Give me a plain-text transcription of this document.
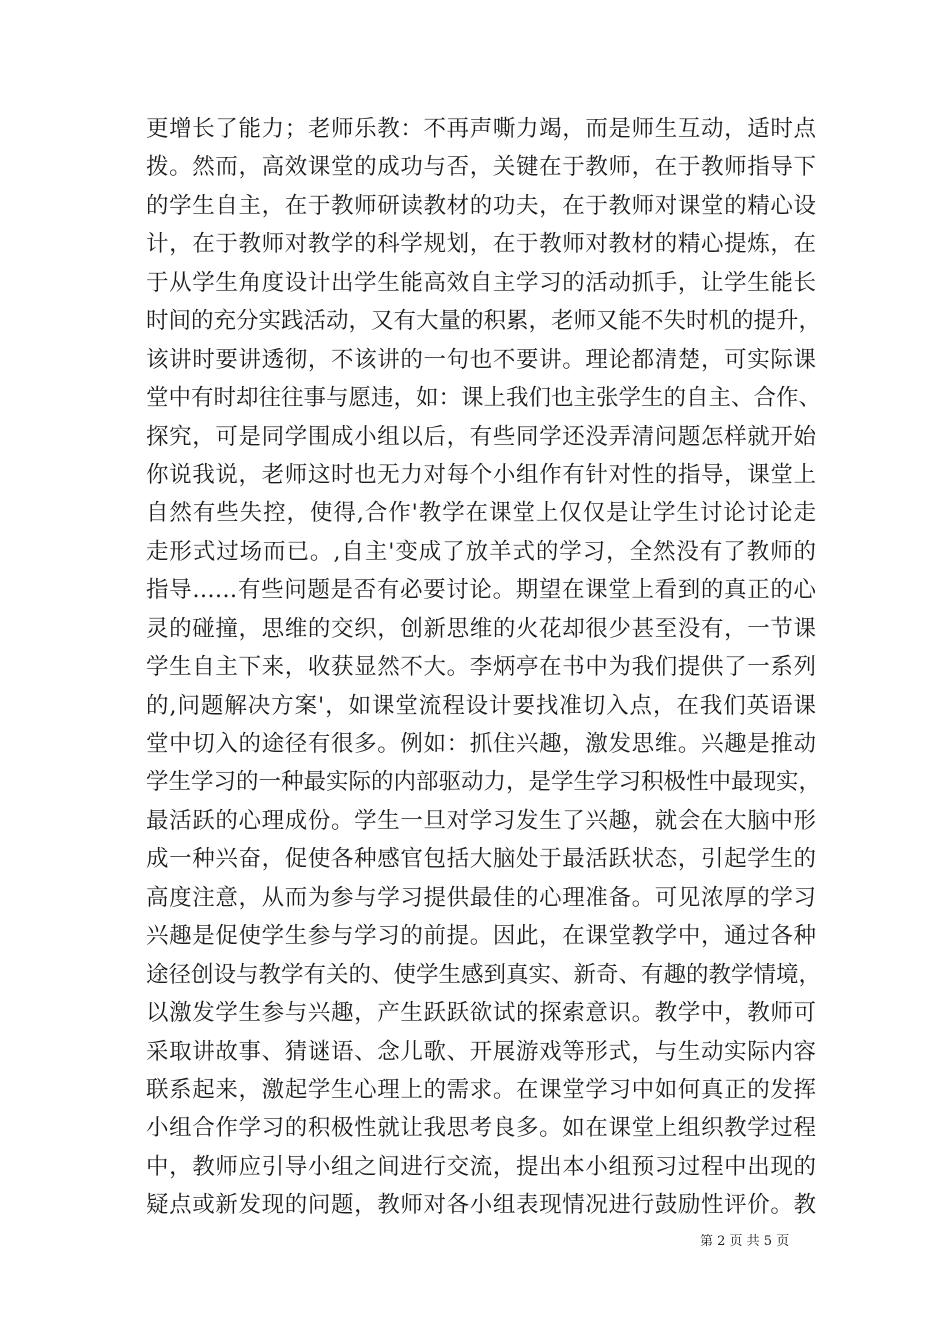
更增长了能力；老师乐教：不再声嘶力竭，而是师生互动，适时点
拨。然而，高效课堂的成功与否，关键在于教师，在于教师指导下
的学生自主，在于教师研读教材的功夫，在于教师对课堂的精心设
计，在于教师对教学的科学规划，在于教师对教材的精心提炼，在
于从学生角度设计出学生能高效自主学习的活动抓手，让学生能长
时间的充分实践活动，又有大量的积累，老师又能不失时机的提升，
该讲时要讲透彻，不该讲的一句也不要讲。理论都清楚，可实际课
堂中有时却往往事与愿违，如：课上我们也主张学生的自主、合作、
探究，可是同学围成小组以后，有些同学还没弄清问题怎样就开始
你说我说，老师这时也无力对每个小组作有针对性的指导，课堂上
自然有些失控，使得,合作'教学在课堂上仅仅是让学生讨论讨论走
走形式过场而已。,自主'变成了放羊式的学习，全然没有了教师的
指导……有些问题是否有必要讨论。期望在课堂上看到的真正的心
灵的碰撞，思维的交织，创新思维的火花却很少甚至没有，一节课
学生自主下来，收获显然不大。李炳亭在书中为我们提供了一系列
的,问题解决方案'，如课堂流程设计要找准切入点，在我们英语课
堂中切入的途径有很多。例如：抓住兴趣，激发思维。兴趣是推动
学生学习的一种最实际的内部驱动力，是学生学习积极性中最现实，
最活跃的心理成份。学生一旦对学习发生了兴趣，就会在大脑中形
成一种兴奋，促使各种感官包括大脑处于最活跃状态，引起学生的
高度注意，从而为参与学习提供最佳的心理准备。可见浓厚的学习
兴趣是促使学生参与学习的前提。因此，在课堂教学中，通过各种
途径创设与教学有关的、使学生感到真实、新奇、有趣的教学情境，
以激发学生参与兴趣，产生跃跃欲试的探索意识。教学中，教师可
采取讲故事、猜谜语、念儿歌、开展游戏等形式，与生动实际内容
联系起来，激起学生心理上的需求。在课堂学习中如何真正的发挥
小组合作学习的积极性就让我思考良多。如在课堂上组织教学过程
中，教师应引导小组之间进行交流，提出本小组预习过程中出现的
疑点或新发现的问题，教师对各小组表现情况进行鼓励性评价。教
第 2 页 共 5 页
